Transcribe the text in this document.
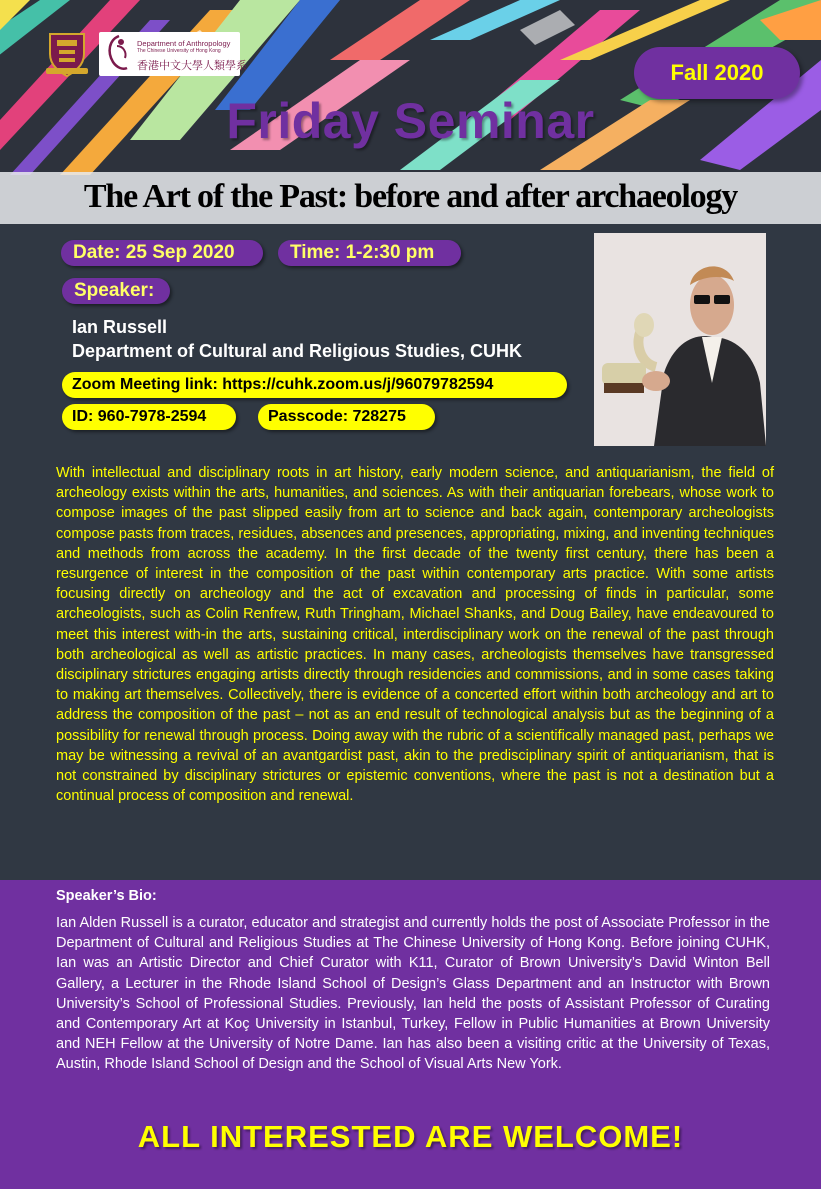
Department of Anthropology
The Chinese University of Hong Kong
香港中文大學人類學系	Fall 2020
Friday Seminar
The Art of the Past: before and after archaeology
Date: 25 Sep 2020	Time: 1-2:30 pm
Speaker:
Ian Russell
Department of Cultural and Religious Studies, CUHK
Zoom Meeting link: https://cuhk.zoom.us/j/96079782594
ID: 960-7978-2594	Passcode: 728275

With intellectual and disciplinary roots in art history, early modern science, and antiquarianism, the field of archeology exists within the arts, humanities, and sciences. As with their antiquarian forebears, whose work to compose images of the past slipped easily from art to science and back again, contemporary archeologists compose pasts from traces, residues, absences and presences, appropriating, mixing, and inventing techniques and methods from across the academy. In the first decade of the twenty first century, there has been a resurgence of interest in the composition of the past within contemporary arts practice. With some artists focusing directly on archeology and the act of excavation and processing of finds in particular, some archeologists, such as Colin Renfrew, Ruth Tringham, Michael Shanks, and Doug Bailey, have endeavoured to meet this interest with-in the arts, sustaining critical, interdisciplinary work on the renewal of the past through both archeological as well as artistic practices. In many cases, archeologists themselves have transgressed disciplinary strictures engaging artists directly through residencies and commissions, and in some cases taking to making art themselves. Collectively, there is evidence of a concerted effort within both archeology and art to address the composition of the past – not as an end result of technological analysis but as the beginning of a possibility for renewal through process. Doing away with the rubric of a scientifically managed past, perhaps we may be witnessing a revival of an avantgardist past, akin to the predisciplinary spirit of antiquarianism, that is not constrained by disciplinary strictures or epistemic conventions, where the past is not a destination but a continual process of composition and renewal.

Speaker’s Bio:

Ian Alden Russell is a curator, educator and strategist and currently holds the post of Associate Professor in the Department of Cultural and Religious Studies at The Chinese University of Hong Kong. Before joining CUHK, Ian was an Artistic Director and Chief Curator with K11, Curator of Brown University’s David Winton Bell Gallery, a Lecturer in the Rhode Island School of Design’s Glass Department and an Instructor with Brown University’s School of Professional Studies. Previously, Ian held the posts of Assistant Professor of Curating and Contemporary Art at Koç University in Istanbul, Turkey, Fellow in Public Humanities at Brown University and NEH Fellow at the University of Notre Dame. Ian has also been a visiting critic at the University of Texas, Austin, Rhode Island School of Design and the School of Visual Arts New York.

ALL INTERESTED ARE WELCOME!
